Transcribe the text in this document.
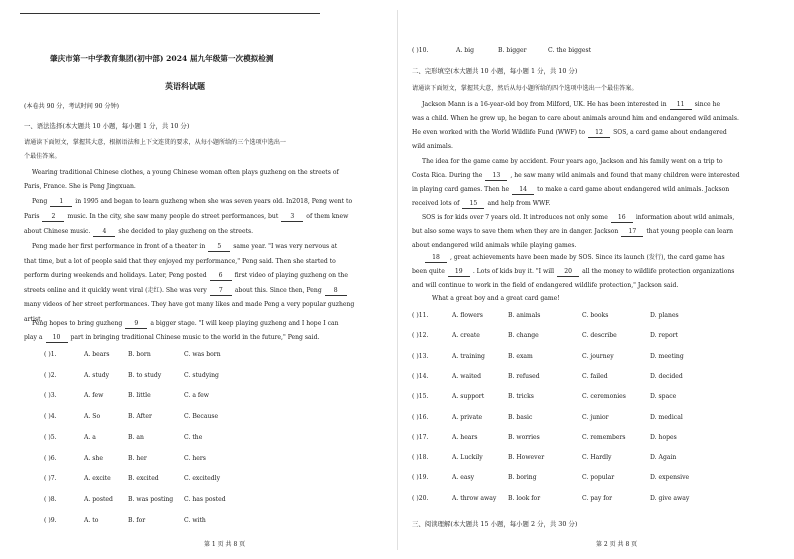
肇庆市第一中学教育集团(初中部) 2024 届九年级第一次模拟检测
英语科试题
(本卷共 90 分，考试时间 90 分钟)
一、语法选择(本大题共 10 小题，每小题 1 分，共 10 分)
请通读下面短文，掌握其大意，根据语法和上下文连贯的要求，从每小题所给的三个选项中选出一
个最佳答案。
Wearing traditional Chinese clothes, a young Chinese woman often plays guzheng on the streets of
Paris, France. She is Peng Jingxuan.
Peng 1 in 1995 and began to learn guzheng when she was seven years old. In2018, Peng went to
Paris 2 music. In the city, she saw many people do street performances, but 3 of them knew
about Chinese music. 4 she decided to play guzheng on the streets.
Peng made her first performance in front of a theater in 5 same year. "I was very nervous at
that time, but a lot of people said that they enjoyed my performance," Peng said. Then she started to
perform during weekends and holidays. Later, Peng posted 6 first video of playing guzheng on the
streets online and it quickly went viral (走红). She was very 7 about this. Since then, Peng 8
many videos of her street performances. They have got many likes and made Peng a very popular guzheng
artist.
Peng hopes to bring guzheng 9 a bigger stage. "I will keep playing guzheng and I hope I can
play a 10 part in bringing traditional Chinese music to the world in the future," Peng said.
( )1.	A. bears	B. born	C. was born
( )2.	A. study	B. to study	C. studying
( )3.	A. few	B. little	C. a few
( )4.	A. So	B. After	C. Because
( )5.	A. a	B. an	C. the
( )6.	A. she	B. her	C. hers
( )7.	A. excite	B. excited	C. excitedly
( )8.	A. posted B. was posting C. has posted
( )9.	A. to	B. for	C. with
第 1 页 共 8 页
( )10.	A. big	B. bigger	C. the biggest
二、完形填空(本大题共 10 小题，每小题 1 分，共 10 分)
请通读下面短文，掌握其大意，然后从每小题所给的四个选项中选出一个最佳答案。
Jackson Mann is a 16-year-old boy from Milford, UK. He has been interested in 11 since he
was a child. When he grew up, he began to care about animals around him and endangered wild animals.
He even worked with the World Wildlife Fund (WWF) to 12 SOS, a card game about endangered
wild animals.
The idea for the game came by accident. Four years ago, Jackson and his family went on a trip to
Costa Rica. During the 13 , he saw many wild animals and found that many children were interested
in playing card games. Then he 14 to make a card game about endangered wild animals. Jackson
received lots of 15 and help from WWF.
SOS is for kids over 7 years old. It introduces not only some 16 information about wild animals,
but also some ways to save them when they are in danger. Jackson 17 that young people can learn
about endangered wild animals while playing games.
18 , great achievements have been made by SOS. Since its launch (发行), the card game has
been quite 19 . Lots of kids buy it. "I will 20 all the money to wildlife protection organizations
and will continue to work in the field of endangered wildlife protection," Jackson said.
What a great boy and a great card game!
( )11.	A. flowers	B. animals	C. books	D. planes
( )12.	A. create	B. change	C. describe	D. report
( )13.	A. training	B. exam	C. journey	D. meeting
( )14.	A. waited	B. refused	C. failed	D. decided
( )15.	A. support	B. tricks	C. ceremonies	D. space
( )16.	A. private	B. basic	C. junior	D. medical
( )17.	A. hears	B. worries	C. remembers	D. hopes
( )18.	A. Luckily	B. However	C. Hardly	D. Again
( )19.	A. easy	B. boring	C. popular	D. expensive
( )20.	A. throw away B. look for	C. pay for	D. give away
三、阅读理解(本大题共 15 小题，每小题 2 分，共 30 分)
第 2 页 共 8 页
